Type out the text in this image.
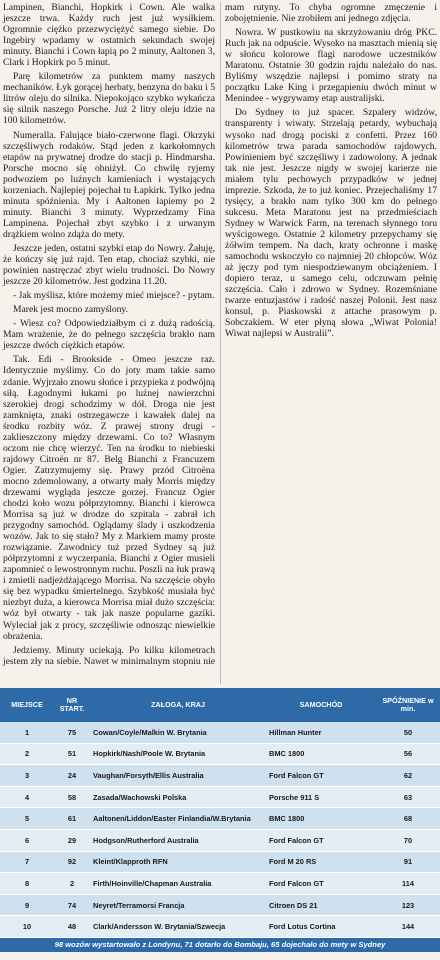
Lampinen, Bianchi, Hopkirk i Cown. Ale walka jeszcze trwa. Każdy ruch jest już wysiłkiem. Ogromnie ciężko przezwyciężyć samego siebie. Do Ingebiry wpadamy w ostatnich sekundach swojej minuty. Bianchi i Cown łapią po 2 minuty, Aaltonen 3, Clark i Hopkirk po 5 minut.

Parę kilometrów za punktem mamy naszych mechaników. Łyk gorącej herbaty, benzyna do baku i 5 litrów oleju do silnika. Niepokojąco szybko wykańcza się silnik naszego Porsche. Już 2 litry oleju idzie na 100 kilometrów.

Numeralla. Falujące biało-czerwone flagi. Okrzyki szczęśliwych rodaków. Stąd jeden z karkołomnych etapów na prywatnej drodze do stacji p. Hindmarsha. Porsche mocno się obniżył. Co chwilę ryjemy podwoziem po luźnych kamieniach i wystających korzeniach. Najlepiej pojechał tu Łapkirk. Tylko jedna minuta spóźnienia. My i Aaltonen łapiemy po 2 minuty. Bianchi 3 minuty. Wyprzedzamy Fina Lampinena. Pojechał zbyt szybko i z urwanym drążkiem wolno zdąża do mety.

Jeszcze jeden, ostatni szybki etap do Nowry. Żałuję, że kończy się już rajd. Ten etap, chociaż szybki, nie powinien nastręczać zbyt wielu trudności. Do Nowry jeszcze 20 kilometrów. Jest godzina 11.20.

- Jak myślisz, które możemy mieć miejsce? - pytam.

Marek jest mocno zamyślony.

- Wiesz co? Odpowiedziałbym ci z dużą radością. Mam wrażenie, że do pełnego szczęścia brakło nam jeszcze dwóch ciężkich etapów.

Tak. Edi - Brookside - Omeo jeszcze raz. Identycznie myślimy. Co do joty mam takie samo zdanie. Wyjrzało znowu słońce i przypieka z podwójną siłą. Łagodnymi łukami po luźnej nawierzchni szerokiej drogi schodzimy w dół. Droga nie jest zamknięta, znaki ostrzegawcze i kawałek dalej na środku rozbity wóz. Z prawej strony drugi - zaklieszczony między drzewami. Co to? Własnym oczom nie chcę wierzyć. Ten na środku to niebieski rajdowy Citroën nr 87. Belg Bianchi z Francuzem Ogier. Zatrzymujemy się. Prawy przód Citroëna mocno zdemolowany, a otwarty mały Morris między drzewami wygląda jeszcze gorzej. Francuz Ogier chodzi koło wozu półprzytomny. Bianchi i kierowca Morrisa są już w drodze do szpitala - zabrał ich przygodny samochód. Oglądamy ślady i uszkodzenia wozów. Jak to się stało? My z Markiem mamy proste rozwiązanie. Zawodnicy tuż przed Sydney są już półprzytomni z wyczerpania. Bianchi z Ogier musieli zapomnieć o lewostronnym ruchu. Poszli na łuk prawą i zmietli nadjeżdżającego Morrisa. Na szczęście obyło się bez wypadku śmiertelnego. Szybkość musiała być niezbyt duża, a kierowca Morrisa miał dużo szczęścia: wóz był otwarty - tak jak nasze popularne gaziki. Wyleciał jak z procy, szczęśliwie odnosząc niewielkie obrażenia.

Jedziemy. Minuty uciekają. Po kilku kilometrach jestem zły na siebie. Nawet w minimalnym stopniu nie mam rutyny. To chyba ogromne zmęczenie i zobojętnienie. Nie zrobiłem ani jednego zdjęcia.

Nowra. W pustkowiu na skrzyżowaniu dróg PKC. Ruch jak na odpuście. Wysoko na masztach mienią się w słońcu kolorowe flagi narodowe uczestników Maratonu. Ostatnie 30 godzin rajdu należało do nas. Byliśmy wszędzie najlepsi i pomimo straty na początku Lake King i przegapieniu dwóch minut w Menindee - wygrywamy etap australijski.

Do Sydney to już spacer. Szpalery widzów, transparenty i wiwaty. Strzelają petardy, wybuchają wysoko nad drogą pociski z confetti. Przez 160 kilometrów trwa parada samochodów rajdowych. Powinieniem być szczęśliwy i zadowolony. A jednak tak nie jest. Jeszcze nigdy w swojej karierze nie miałem tylu pechowych przypadków w jednej imprezie. Szkoda, że to już koniec. Przejechaliśmy 17 tysięcy, a brakło nam tylko 300 km do pełnego sukcesu. Meta Maratonu jest na przedmieściach Sydney w Warwick Farm, na terenach słynnego toru wyścigowego. Ostatnie 2 kilometry przepychamy się żółwim tempem. Na dach, kraty ochronne i maskę samochodu wskoczyło co najmniej 20 chłopców. Wóz aż jęczy pod tym niespodziewanym obciążeniem. I dopiero teraz, u samego celu, odczuwam pełnię szczęścia. Cało i zdrowo w Sydney. Rozemśniane twarze entuzjastów i radość naszej Polonii. Jest nasz konsul, p. Piaskowski z attache prasowym p. Sobczakiem. W eter płyną słowa „Wiwat Polonia! Wiwat najlepsi w Australii”.

MIEJSCE	NR START.	ZAŁOGA, KRAJ	SAMOCHÓD	SPÓŹNIENIE w min.
1	75	Cowan/Coyle/Malkin W. Brytania	Hillman Hunter	50
2	51	Hopkirk/Nash/Poole W. Brytania	BMC 1800	56
3	24	Vaughan/Forsyth/Ellis Australia	Ford Falcon GT	62
4	58	Zasada/Wachowski Polska	Porsche 911 S	63
5	61	Aaltonen/Liddon/Easter Finlandia/W.Brytania	BMC 1800	68
6	29	Hodgson/Rutherford Australia	Ford Falcon GT	70
7	92	Kleint/Klapproth RFN	Ford M 20 RS	91
8	2	Firth/Hoinville/Chapman Australia	Ford Falcon GT	114
9	74	Neyret/Terramorsi Francja	Citroen DS 21	123
10	48	Clark/Andersson W. Brytania/Szwecja	Ford Lotus Cortina	144
98 wozów wystartowało z Londynu, 71 dotarło do Bombaju, 65 dojechało do mety w Sydney
